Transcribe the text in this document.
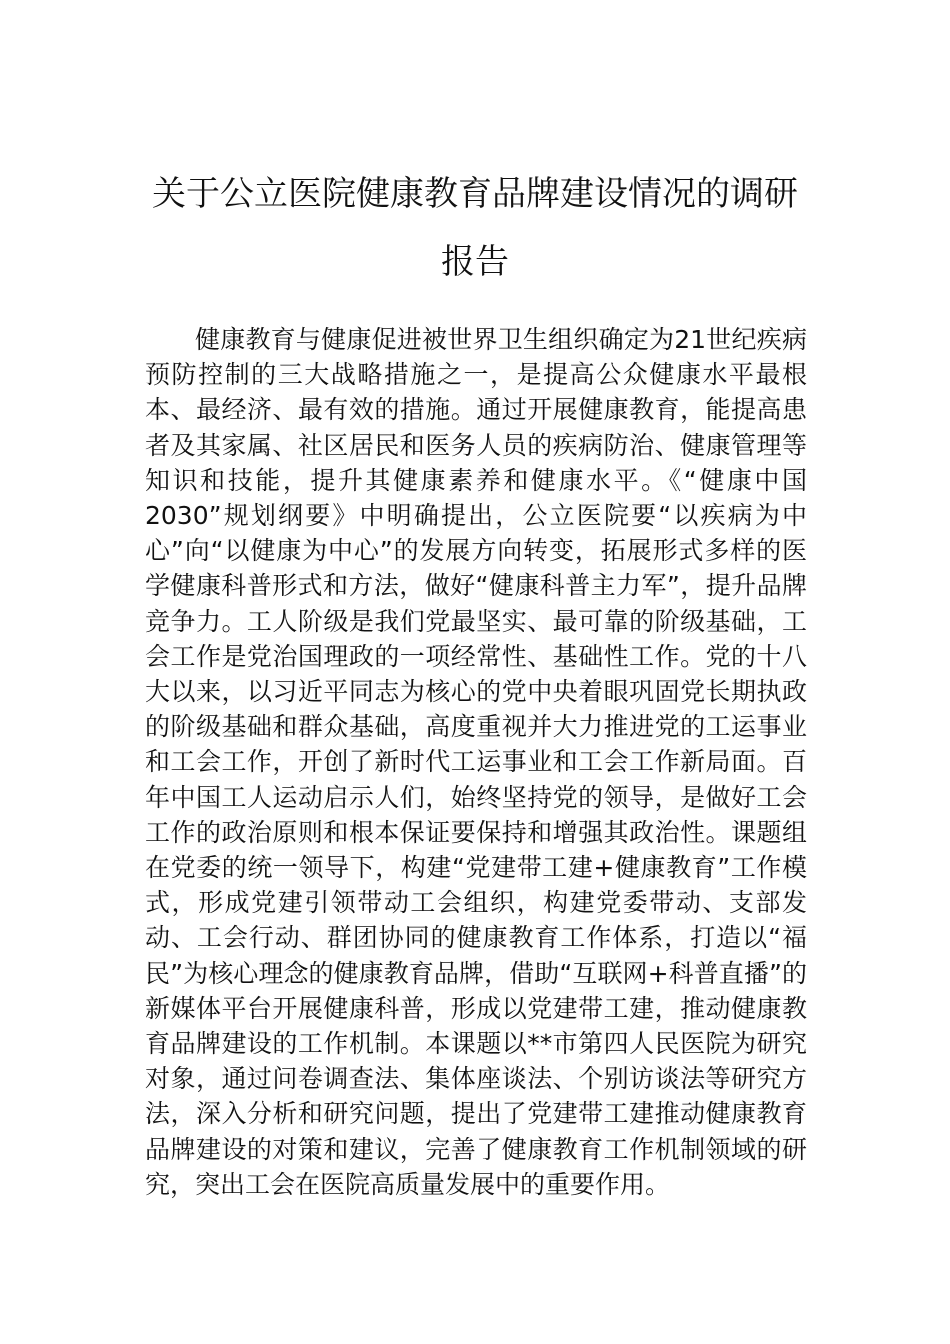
关于公立医院健康教育品牌建设情况的调研报告

健康教育与健康促进被世界卫生组织确定为21世纪疾病预防控制的三大战略措施之一，是提高公众健康水平最根本、最经济、最有效的措施。通过开展健康教育，能提高患者及其家属、社区居民和医务人员的疾病防治、健康管理等知识和技能，提升其健康素养和健康水平。《“健康中国2030”规划纲要》中明确提出，公立医院要“以疾病为中心”向“以健康为中心”的发展方向转变，拓展形式多样的医学健康科普形式和方法，做好“健康科普主力军”，提升品牌竞争力。工人阶级是我们党最坚实、最可靠的阶级基础，工会工作是党治国理政的一项经常性、基础性工作。党的十八大以来，以习近平同志为核心的党中央着眼巩固党长期执政的阶级基础和群众基础，高度重视并大力推进党的工运事业和工会工作，开创了新时代工运事业和工会工作新局面。百年中国工人运动启示人们，始终坚持党的领导，是做好工会工作的政治原则和根本保证要保持和增强其政治性。课题组在党委的统一领导下，构建“党建带工建+健康教育”工作模式，形成党建引领带动工会组织，构建党委带动、支部发动、工会行动、群团协同的健康教育工作体系，打造以“福民”为核心理念的健康教育品牌，借助“互联网+科普直播”的新媒体平台开展健康科普，形成以党建带工建，推动健康教育品牌建设的工作机制。本课题以**市第四人民医院为研究对象，通过问卷调查法、集体座谈法、个别访谈法等研究方法，深入分析和研究问题，提出了党建带工建推动健康教育品牌建设的对策和建议，完善了健康教育工作机制领域的研究，突出工会在医院高质量发展中的重要作用。
